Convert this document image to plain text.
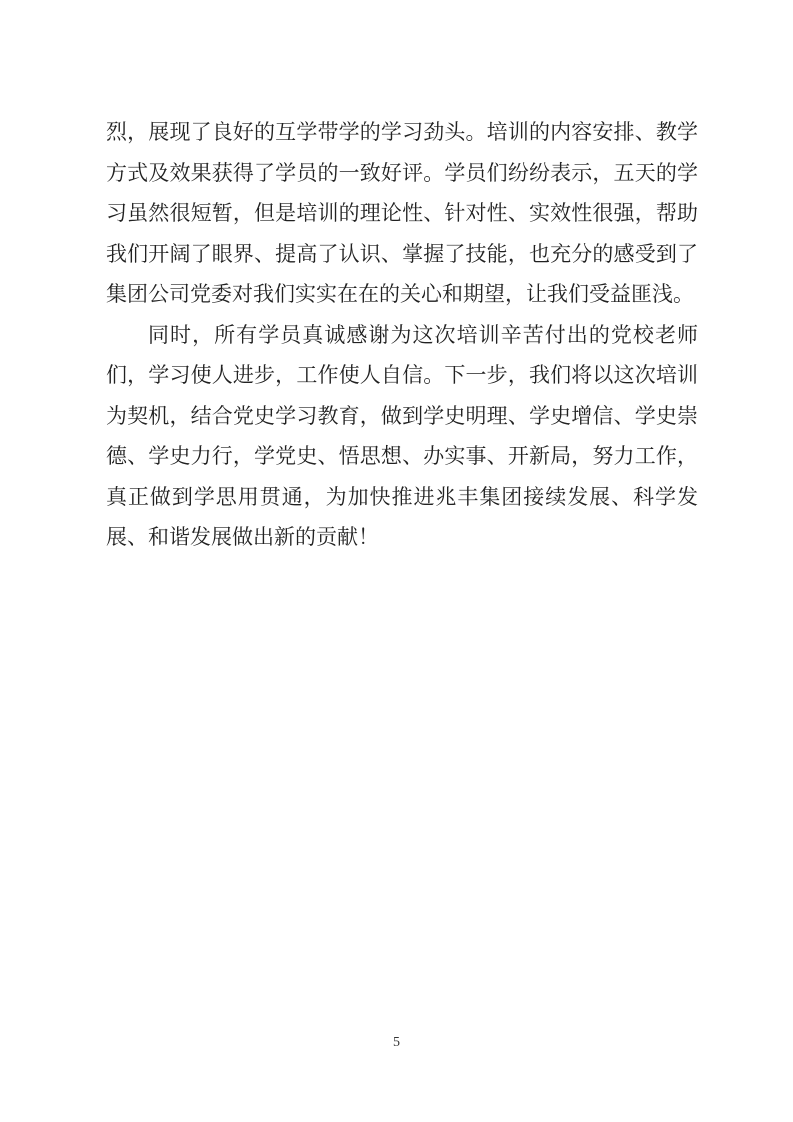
烈，展现了良好的互学带学的学习劲头。培训的内容安排、教学方式及效果获得了学员的一致好评。学员们纷纷表示，五天的学习虽然很短暂，但是培训的理论性、针对性、实效性很强，帮助我们开阔了眼界、提高了认识、掌握了技能，也充分的感受到了集团公司党委对我们实实在在的关心和期望，让我们受益匪浅。

同时，所有学员真诚感谢为这次培训辛苦付出的党校老师们，学习使人进步，工作使人自信。下一步，我们将以这次培训为契机，结合党史学习教育，做到学史明理、学史增信、学史崇德、学史力行，学党史、悟思想、办实事、开新局，努力工作，真正做到学思用贯通，为加快推进兆丰集团接续发展、科学发展、和谐发展做出新的贡献！

5
